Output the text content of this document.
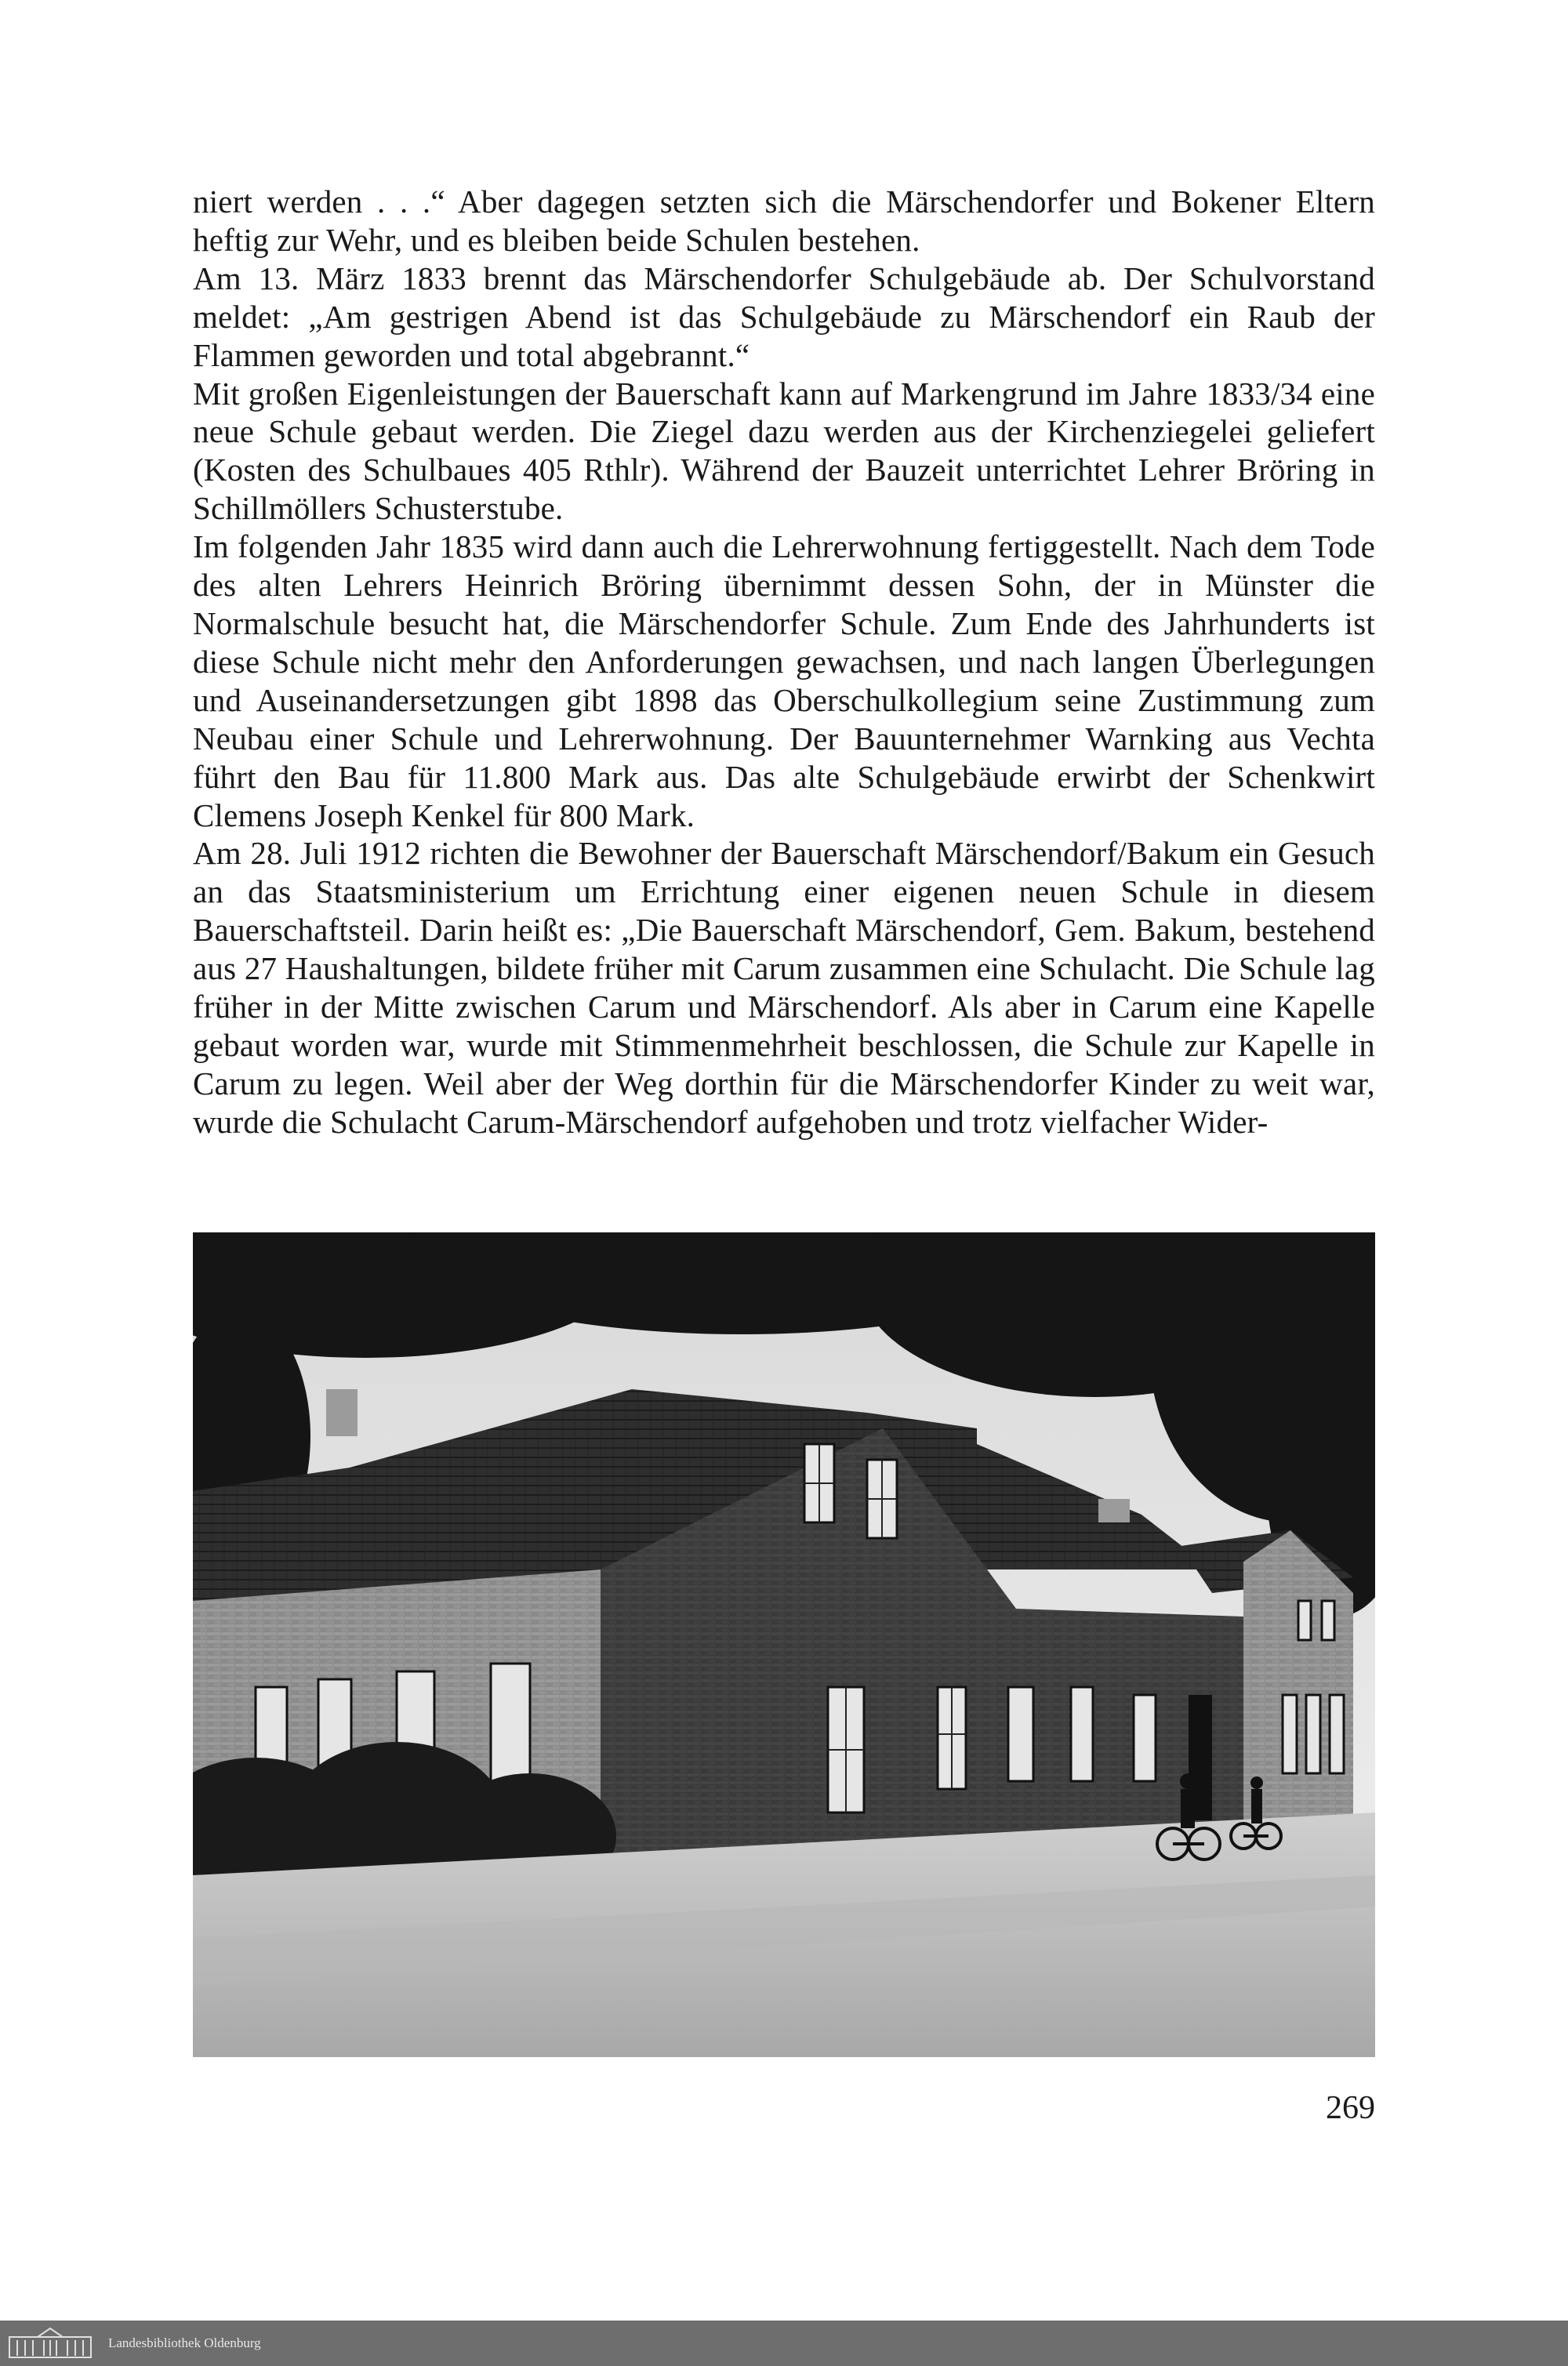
niert werden . . .“ Aber dagegen setzten sich die Märschendorfer und Bokener Eltern heftig zur Wehr, und es bleiben beide Schulen bestehen.

Am 13. März 1833 brennt das Märschendorfer Schulgebäude ab. Der Schulvorstand meldet: „Am gestrigen Abend ist das Schulgebäude zu Märschendorf ein Raub der Flammen geworden und total abgebrannt.“

Mit großen Eigenleistungen der Bauerschaft kann auf Markengrund im Jahre 1833/34 eine neue Schule gebaut werden. Die Ziegel dazu werden aus der Kirchenziegelei geliefert (Kosten des Schulbaues 405 Rthlr). Während der Bauzeit unterrichtet Lehrer Bröring in Schillmöllers Schusterstube.

Im folgenden Jahr 1835 wird dann auch die Lehrerwohnung fertiggestellt. Nach dem Tode des alten Lehrers Heinrich Bröring übernimmt dessen Sohn, der in Münster die Normalschule besucht hat, die Märschendorfer Schule. Zum Ende des Jahrhunderts ist diese Schule nicht mehr den Anforderungen gewachsen, und nach langen Überlegungen und Auseinandersetzungen gibt 1898 das Oberschulkollegium seine Zustimmung zum Neubau einer Schule und Lehrerwohnung. Der Bauunternehmer Warnking aus Vechta führt den Bau für 11.800 Mark aus. Das alte Schulgebäude erwirbt der Schenkwirt Clemens Joseph Kenkel für 800 Mark.

Am 28. Juli 1912 richten die Bewohner der Bauerschaft Märschendorf/Bakum ein Gesuch an das Staatsministerium um Errichtung einer eigenen neuen Schule in diesem Bauerschaftsteil. Darin heißt es: „Die Bauerschaft Märschendorf, Gem. Bakum, bestehend aus 27 Haushaltungen, bildete früher mit Carum zusammen eine Schulacht. Die Schule lag früher in der Mitte zwischen Carum und Märschendorf. Als aber in Carum eine Kapelle gebaut worden war, wurde mit Stimmenmehrheit beschlossen, die Schule zur Kapelle in Carum zu legen. Weil aber der Weg dorthin für die Märschendorfer Kinder zu weit war, wurde die Schulacht Carum-Märschendorf aufgehoben und trotz vielfacher Wider-

269
Landesbibliothek Oldenburg
